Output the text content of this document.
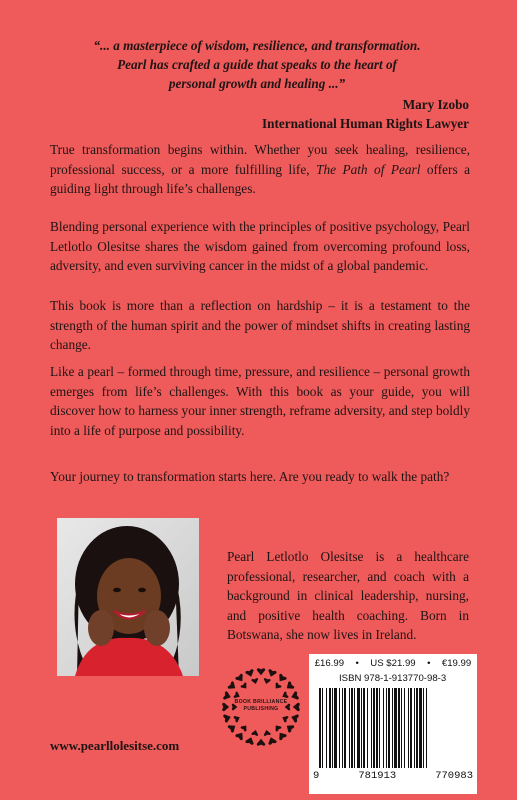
“... a masterpiece of wisdom, resilience, and transformation.
Pearl has crafted a guide that speaks to the heart of
personal growth and healing ...”
Mary Izobo
International Human Rights Lawyer

True transformation begins within. Whether you seek healing, resilience, professional success, or a more fulfilling life, The Path of Pearl offers a guiding light through life’s challenges.

Blending personal experience with the principles of positive psychology, Pearl Letlotlo Olesitse shares the wisdom gained from overcoming profound loss, adversity, and even surviving cancer in the midst of a global pandemic.

This book is more than a reflection on hardship – it is a testament to the strength of the human spirit and the power of mindset shifts in creating lasting change.

Like a pearl – formed through time, pressure, and resilience – personal growth emerges from life’s challenges. With this book as your guide, you will discover how to harness your inner strength, reframe adversity, and step boldly into a life of purpose and possibility.

Your journey to transformation starts here. Are you ready to walk the path?

Pearl Letlotlo Olesitse is a healthcare professional, researcher, and coach with a background in clinical leadership, nursing, and positive health coaching. Born in Botswana, she now lives in Ireland.

www.pearllolesitse.com
BOOK BRILLIANCE
PUBLISHING
£16.99 • US $21.99 • €19.99
ISBN 978-1-913770-98-3
9	781913	770983
